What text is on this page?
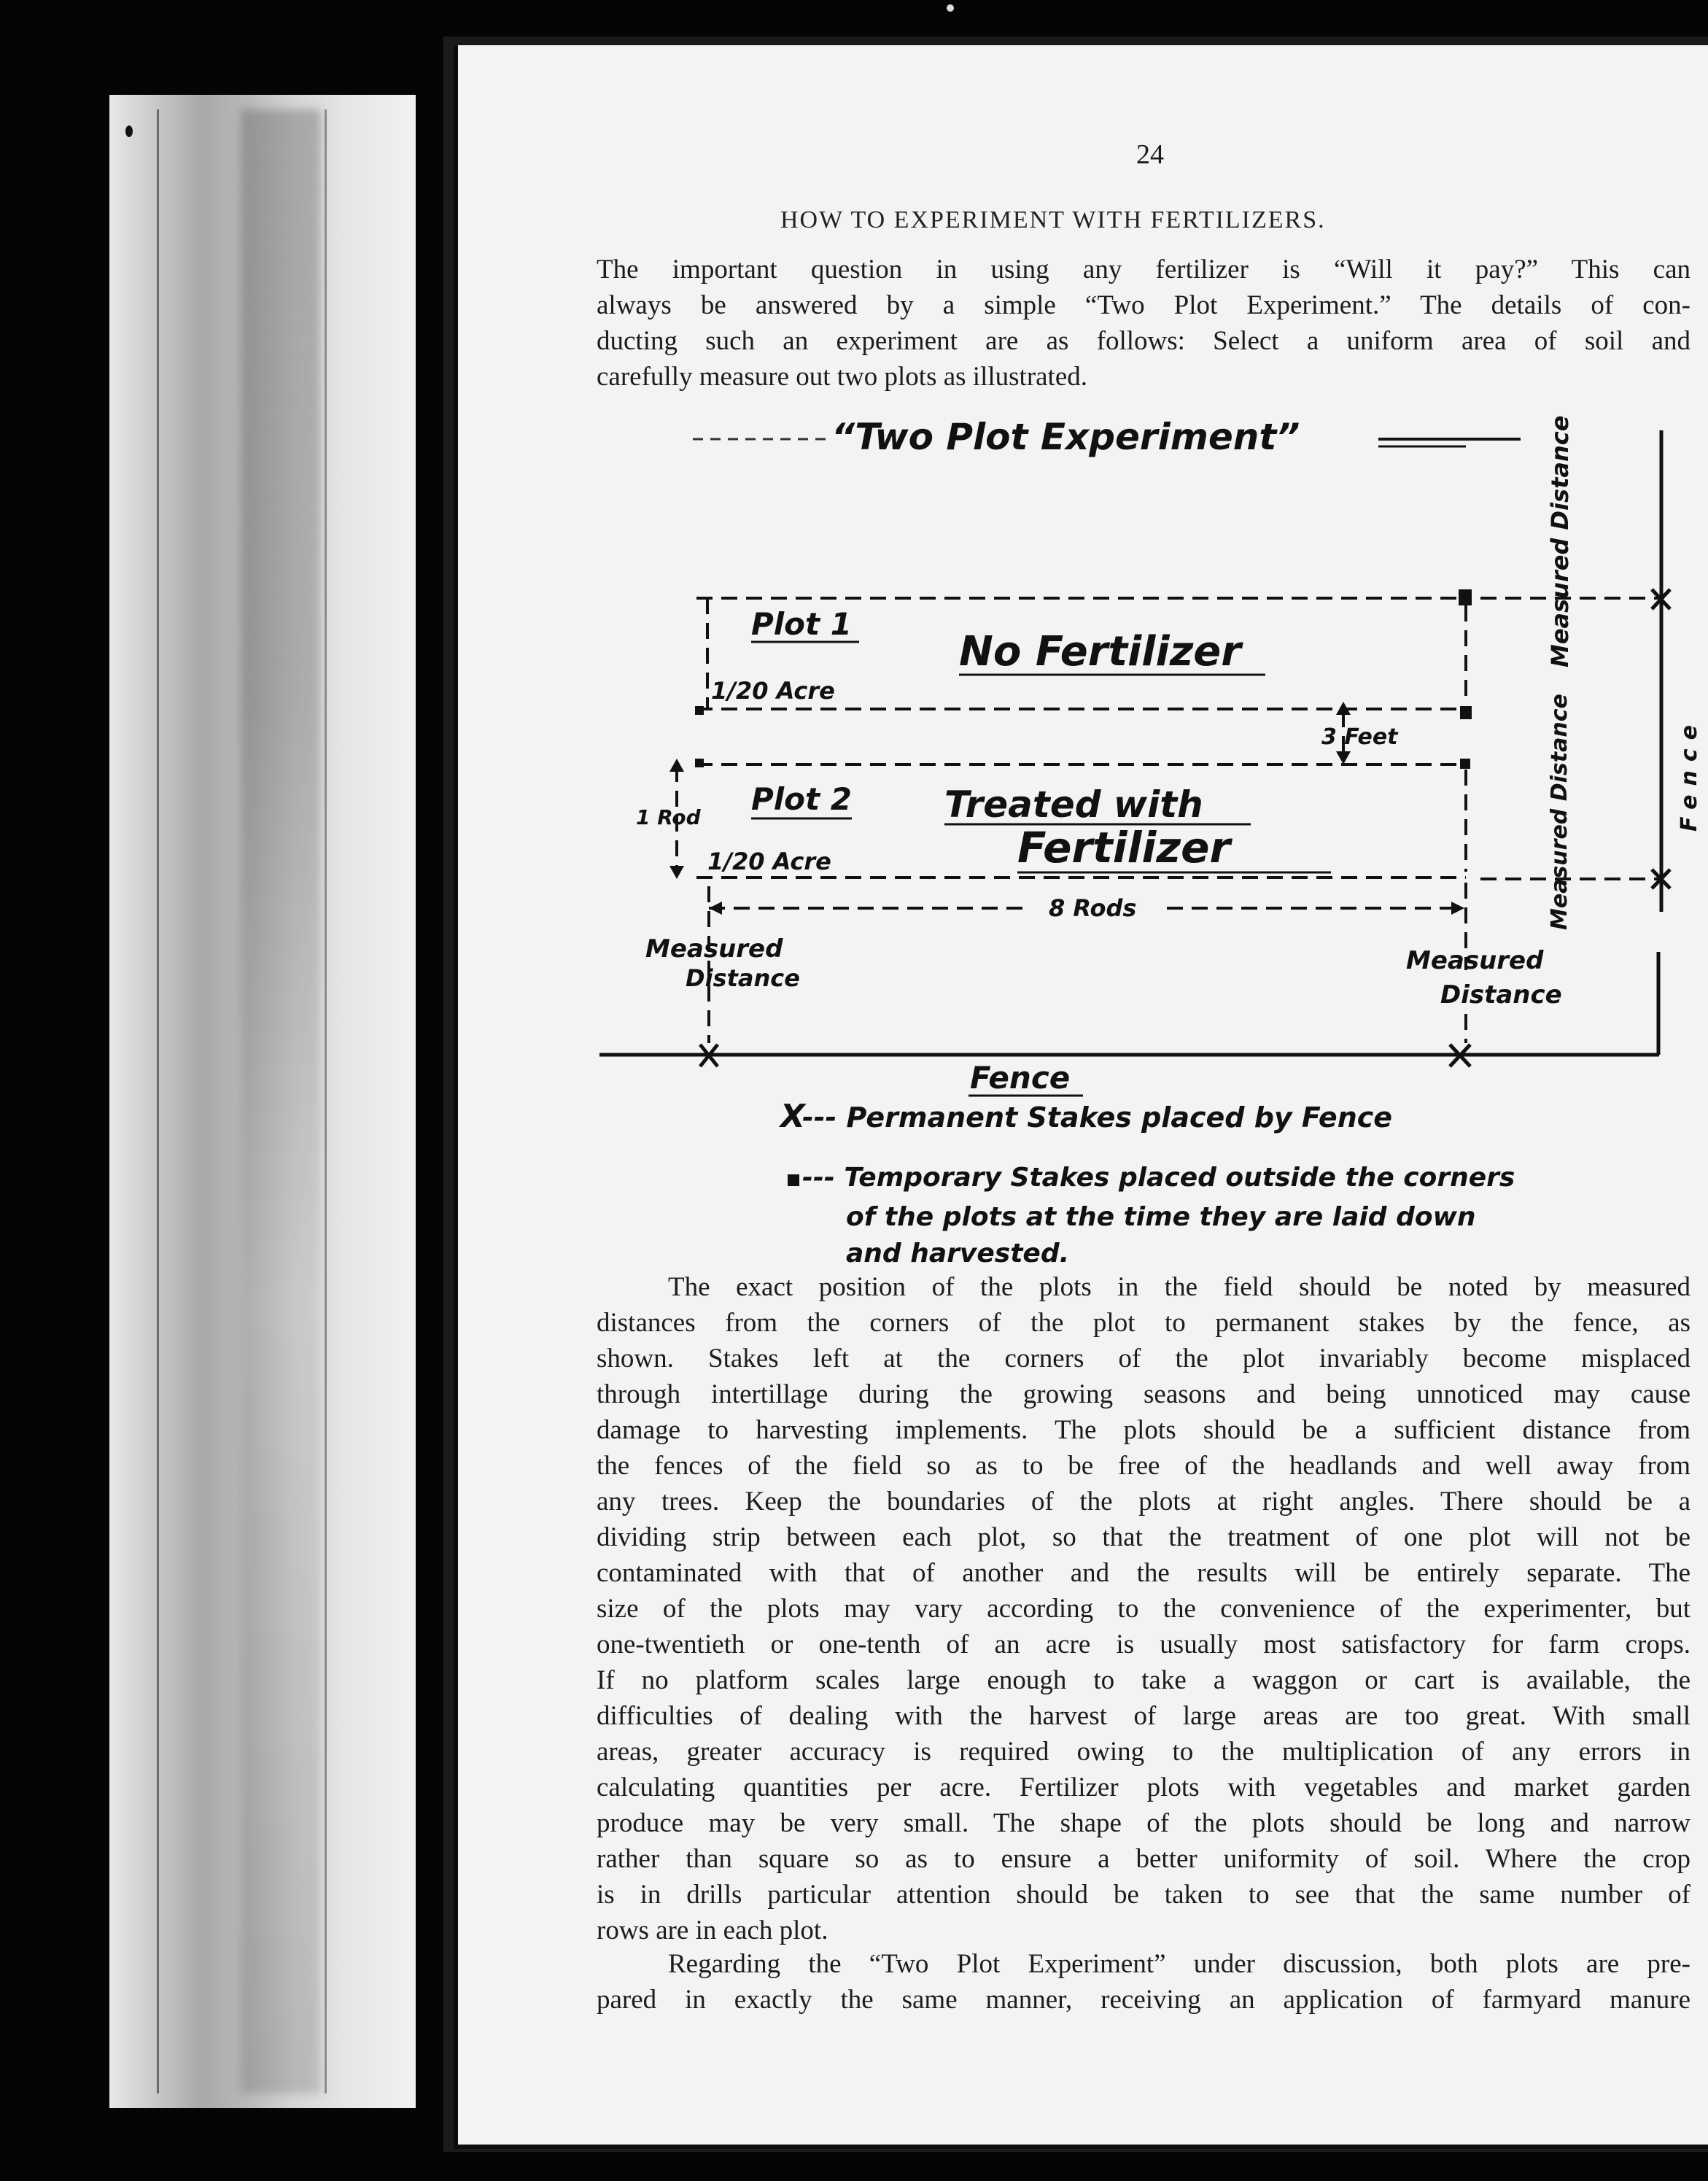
24
HOW TO EXPERIMENT WITH FERTILIZERS.
The important question in using any fertilizer is “Will it pay?” This can
always be answered by a simple “Two Plot Experiment.” The details of con-
ducting such an experiment are as follows: Select a uniform area of soil and
carefully measure out two plots as illustrated.
“Two Plot Experiment”
Plot 1
No Fertilizer
1/20 Acre
3 Feet
Plot 2	Treated with
Fertilizer
1/20 Acre
1 Rod
8 Rods
Measured
Distance
Measured
Distance
Measured Distance
Measured Distance	Fence
Fence
X
--- Permanent Stakes placed by Fence
--- Temporary Stakes placed outside the corners
of the plots at the time they are laid down
and harvested.
The exact position of the plots in the field should be noted by measured
distances from the corners of the plot to permanent stakes by the fence, as
shown. Stakes left at the corners of the plot invariably become misplaced
through intertillage during the growing seasons and being unnoticed may cause
damage to harvesting implements. The plots should be a sufficient distance from
the fences of the field so as to be free of the headlands and well away from
any trees. Keep the boundaries of the plots at right angles. There should be a
dividing strip between each plot, so that the treatment of one plot will not be
contaminated with that of another and the results will be entirely separate. The
size of the plots may vary according to the convenience of the experimenter, but
one-twentieth or one-tenth of an acre is usually most satisfactory for farm crops.
If no platform scales large enough to take a waggon or cart is available, the
difficulties of dealing with the harvest of large areas are too great. With small
areas, greater accuracy is required owing to the multiplication of any errors in
calculating quantities per acre. Fertilizer plots with vegetables and market garden
produce may be very small. The shape of the plots should be long and narrow
rather than square so as to ensure a better uniformity of soil. Where the crop
is in drills particular attention should be taken to see that the same number of
rows are in each plot.
Regarding the “Two Plot Experiment” under discussion, both plots are pre-
pared in exactly the same manner, receiving an application of farmyard manure
